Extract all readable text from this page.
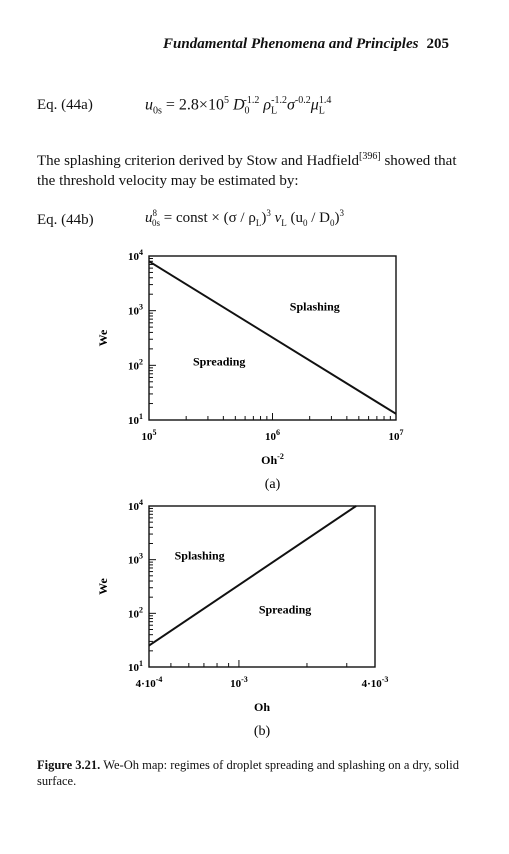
Fundamental Phenomena and Principles 205
Eq. (44a)	$u_{0s} = 2.8\times 10^5$ $D_0^{-1.2}$ $\rho_L^{-1.2}\sigma^{-0.2}\mu_L^{1.4}$
The splashing criterion derived by Stow and Hadfield[396] showed that the threshold velocity may be estimated by:
Eq. (44b)	$u^8_{0s}$ = const × $(\sigma / \rho_L)^3$ $\nu_L$ $(u_0 / D_0)^3$
$10^5$	$10^6$	$10^7$
$10^1$
$10^2$
$10^3$
$10^4$
$Oh^{-2}$
We
Splashing
Spreading
(a)
$4\cdot 10^{-4}$	$10^{-3}$	$4\cdot 10^{-3}$
$10^1$
$10^2$
$10^3$
$10^4$
Oh
We
Splashing
Spreading
(b)
Figure 3.21. We-Oh map: regimes of droplet spreading and splashing on a dry, solid surface.
